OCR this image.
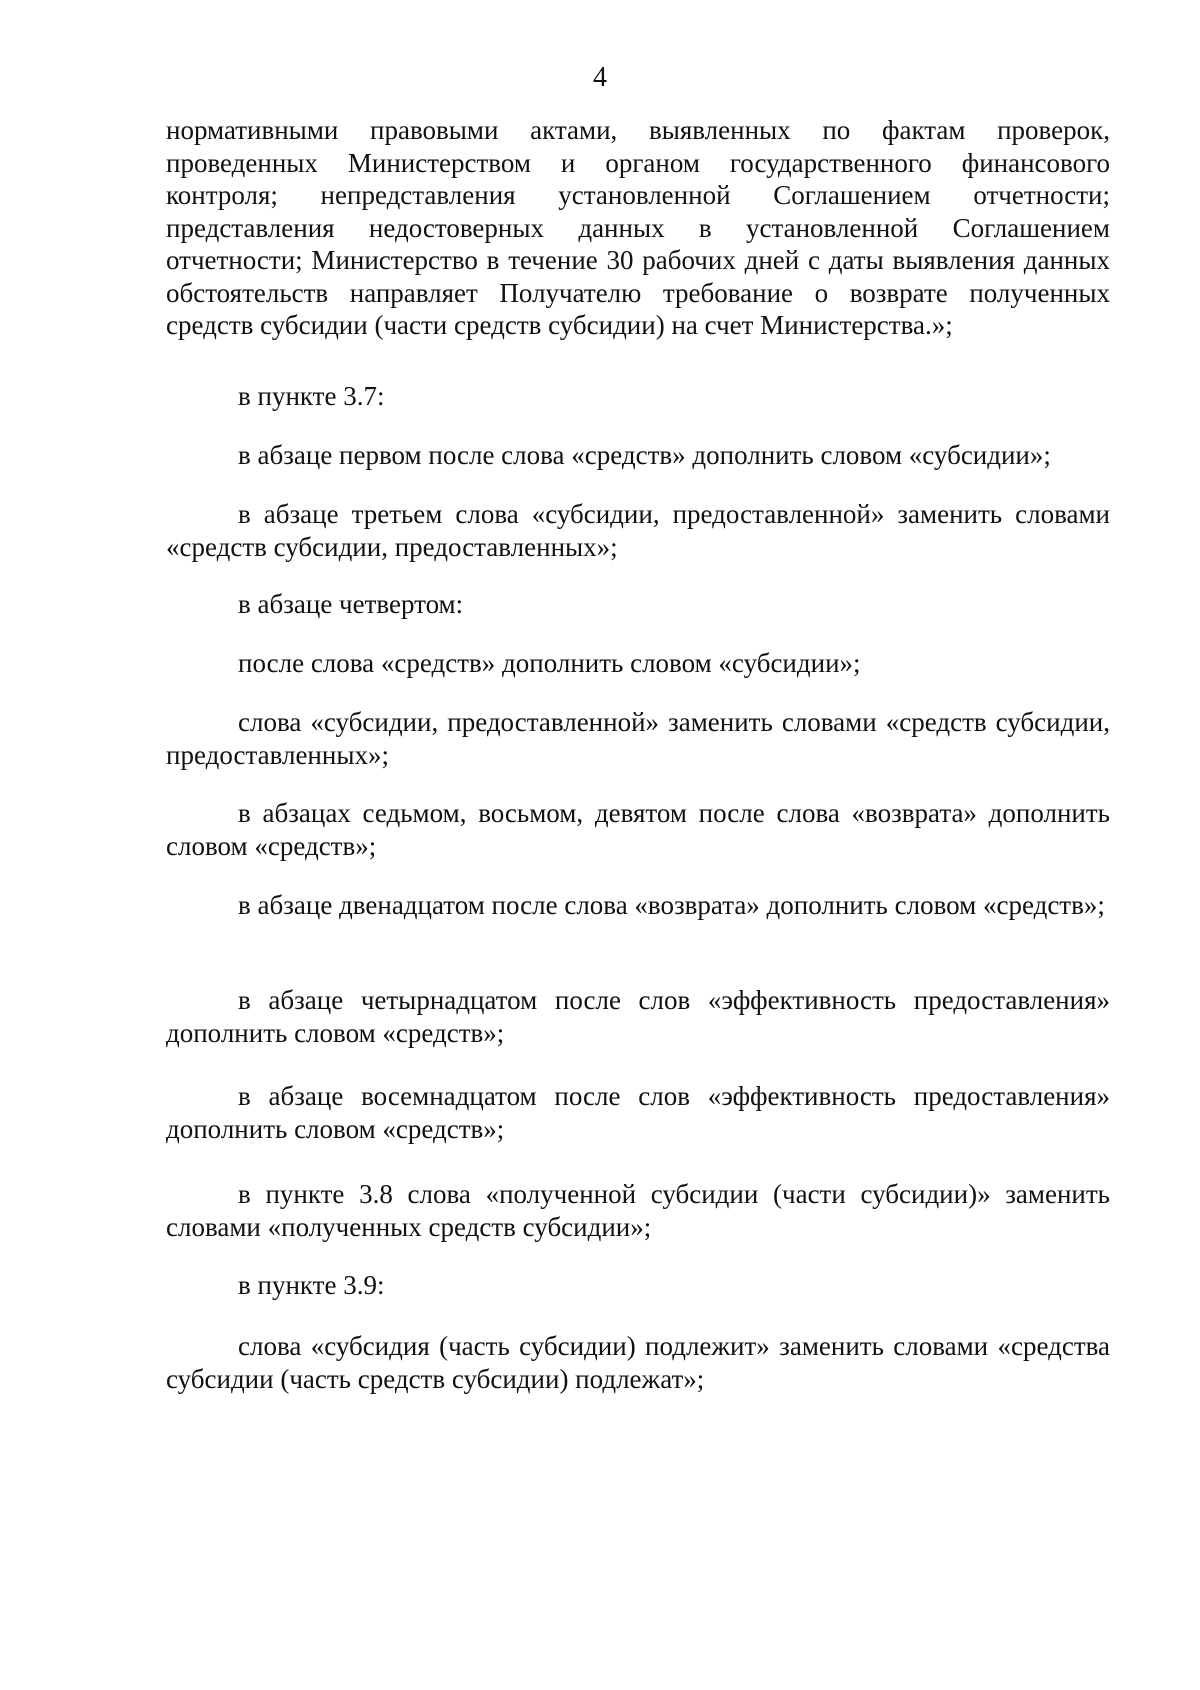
4
нормативными правовыми актами, выявленных по фактам проверок, проведенных Министерством и органом государственного финансового контроля; непредставления установленной Соглашением отчетности; представления недостоверных данных в установленной Соглашением отчетности; Министерство в течение 30 рабочих дней с даты выявления данных обстоятельств направляет Получателю требование о возврате полученных средств субсидии (части средств субсидии) на счет Министерства.»;

в пункте 3.7:

в абзаце первом после слова «средств» дополнить словом «субсидии»;

в абзаце третьем слова «субсидии, предоставленной» заменить словами «средств субсидии, предоставленных»;

в абзаце четвертом:

после слова «средств» дополнить словом «субсидии»;

слова «субсидии, предоставленной» заменить словами «средств субсидии, предоставленных»;

в абзацах седьмом, восьмом, девятом после слова «возврата» дополнить словом «средств»;

в абзаце двенадцатом после слова «возврата» дополнить словом «средств»;

в абзаце четырнадцатом после слов «эффективность предоставления» дополнить словом «средств»;

в абзаце восемнадцатом после слов «эффективность предоставления» дополнить словом «средств»;

в пункте 3.8 слова «полученной субсидии (части субсидии)» заменить словами «полученных средств субсидии»;

в пункте 3.9:

слова «субсидия (часть субсидии) подлежит» заменить словами «средства субсидии (часть средств субсидии) подлежат»;
